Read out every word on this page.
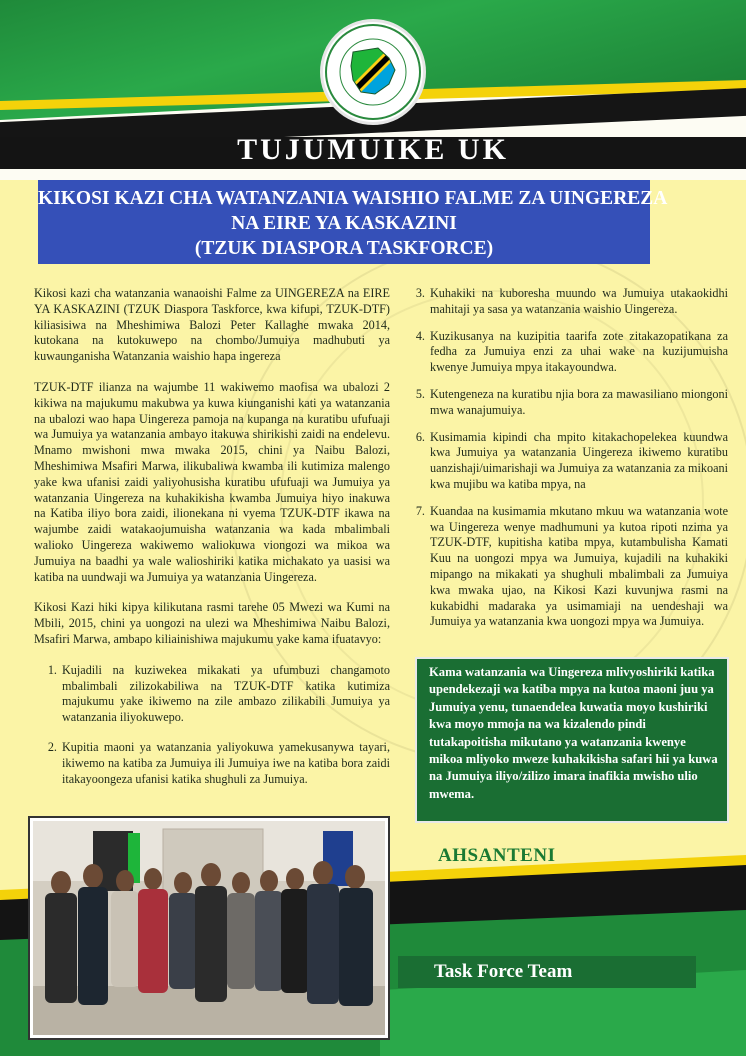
TUJUMUIKE UK
KIKOSI KAZI CHA WATANZANIA WAISHIO FALME ZA UINGEREZA
NA EIRE YA KASKAZINI
(TZUK DIASPORA TASKFORCE)

Kikosi kazi cha watanzania wanaoishi Falme za UINGEREZA na EIRE YA KASKAZINI (TZUK Diaspora Taskforce, kwa kifupi, TZUK-DTF) kiliasisiwa na Mheshimiwa Balozi Peter Kallaghe mwaka 2014, kutokana na kutokuwepo na chombo/Jumuiya madhubuti ya kuwaunganisha Watanzania waishio hapa ingereza

TZUK-DTF ilianza na wajumbe 11 wakiwemo maofisa wa ubalozi 2 kikiwa na majukumu makubwa ya kuwa kiunganishi kati ya watanzania na ubalozi wao hapa Uingereza pamoja na kupanga na kuratibu ufufuaji wa Jumuiya ya watanzania ambayo itakuwa shirikishi zaidi na endelevu. Mnamo mwishoni mwa mwaka 2015, chini ya Naibu Balozi, Mheshimiwa Msafiri Marwa, ilikubaliwa kwamba ili kutimiza malengo yake kwa ufanisi zaidi yaliyohusisha kuratibu ufufuaji wa Jumuiya ya watanzania Uingereza na kuhakikisha kwamba Jumuiya hiyo inakuwa na Katiba iliyo bora zaidi, ilionekana ni vyema TZUK-DTF ikawa na wajumbe zaidi watakaojumuisha watanzania wa kada mbalimbali walioko Uingereza wakiwemo waliokuwa viongozi wa mikoa wa Jumuiya na baadhi ya wale walioshiriki katika michakato ya uasisi wa katiba na uundwaji wa Jumuiya ya watanzania Uingereza.

Kikosi Kazi hiki kipya kilikutana rasmi tarehe 05 Mwezi wa Kumi na Mbili, 2015, chini ya uongozi na ulezi wa Mheshimiwa Naibu Balozi, Msafiri Marwa, ambapo kiliainishiwa majukumu yake kama ifuatavyo:

1. Kujadili na kuziwekea mikakati ya ufumbuzi changamoto mbalimbali zilizokabiliwa na TZUK-DTF katika kutimiza majukumu yake ikiwemo na zile ambazo zilikabili Jumuiya ya watanzania iliyokuwepo.
2. Kupitia maoni ya watanzania yaliyokuwa yamekusanywa tayari, ikiwemo na katiba za Jumuiya ili Jumuiya iwe na katiba bora zaidi itakayoongeza ufanisi katika shughuli za Jumuiya.
3. Kuhakiki na kuboresha muundo wa Jumuiya utakaokidhi mahitaji ya sasa ya watanzania waishio Uingereza.
4. Kuzikusanya na kuzipitia taarifa zote zitakazopatikana za fedha za Jumuiya enzi za uhai wake na kuzijumuisha kwenye Jumuiya mpya itakayoundwa.
5. Kutengeneza na kuratibu njia bora za mawasiliano miongoni mwa wanajumuiya.
6. Kusimamia kipindi cha mpito kitakachopelekea kuundwa kwa Jumuiya ya watanzania Uingereza ikiwemo kuratibu uanzishaji/uimarishaji wa Jumuiya za watanzania za mikoani kwa mujibu wa katiba mpya, na
7. Kuandaa na kusimamia mkutano mkuu wa watanzania wote wa Uingereza wenye madhumuni ya kutoa ripoti nzima ya TZUK-DTF, kupitisha katiba mpya, kutambulisha Kamati Kuu na uongozi mpya wa Jumuiya, kujadili na kuhakiki mipango na mikakati ya shughuli mbalimbali za Jumuiya kwa mwaka ujao, na Kikosi Kazi kuvunjwa rasmi na kukabidhi madaraka ya usimamiaji na uendeshaji wa Jumuiya ya watanzania kwa uongozi mpya wa Jumuiya.
Kama watanzania wa Uingereza mlivyoshiriki katika upendekezaji wa katiba mpya na kutoa maoni juu ya Jumuiya yenu, tunaendelea kuwatia moyo kushiriki kwa moyo mmoja na wa kizalendo pindi tutakapoitisha mikutano ya watanzania kwenye mikoa mliyoko mweze kuhakikisha safari hii ya kuwa na Jumuiya iliyo/zilizo imara inafikia mwisho ulio mwema.
AHSANTENI
Task Force Team
